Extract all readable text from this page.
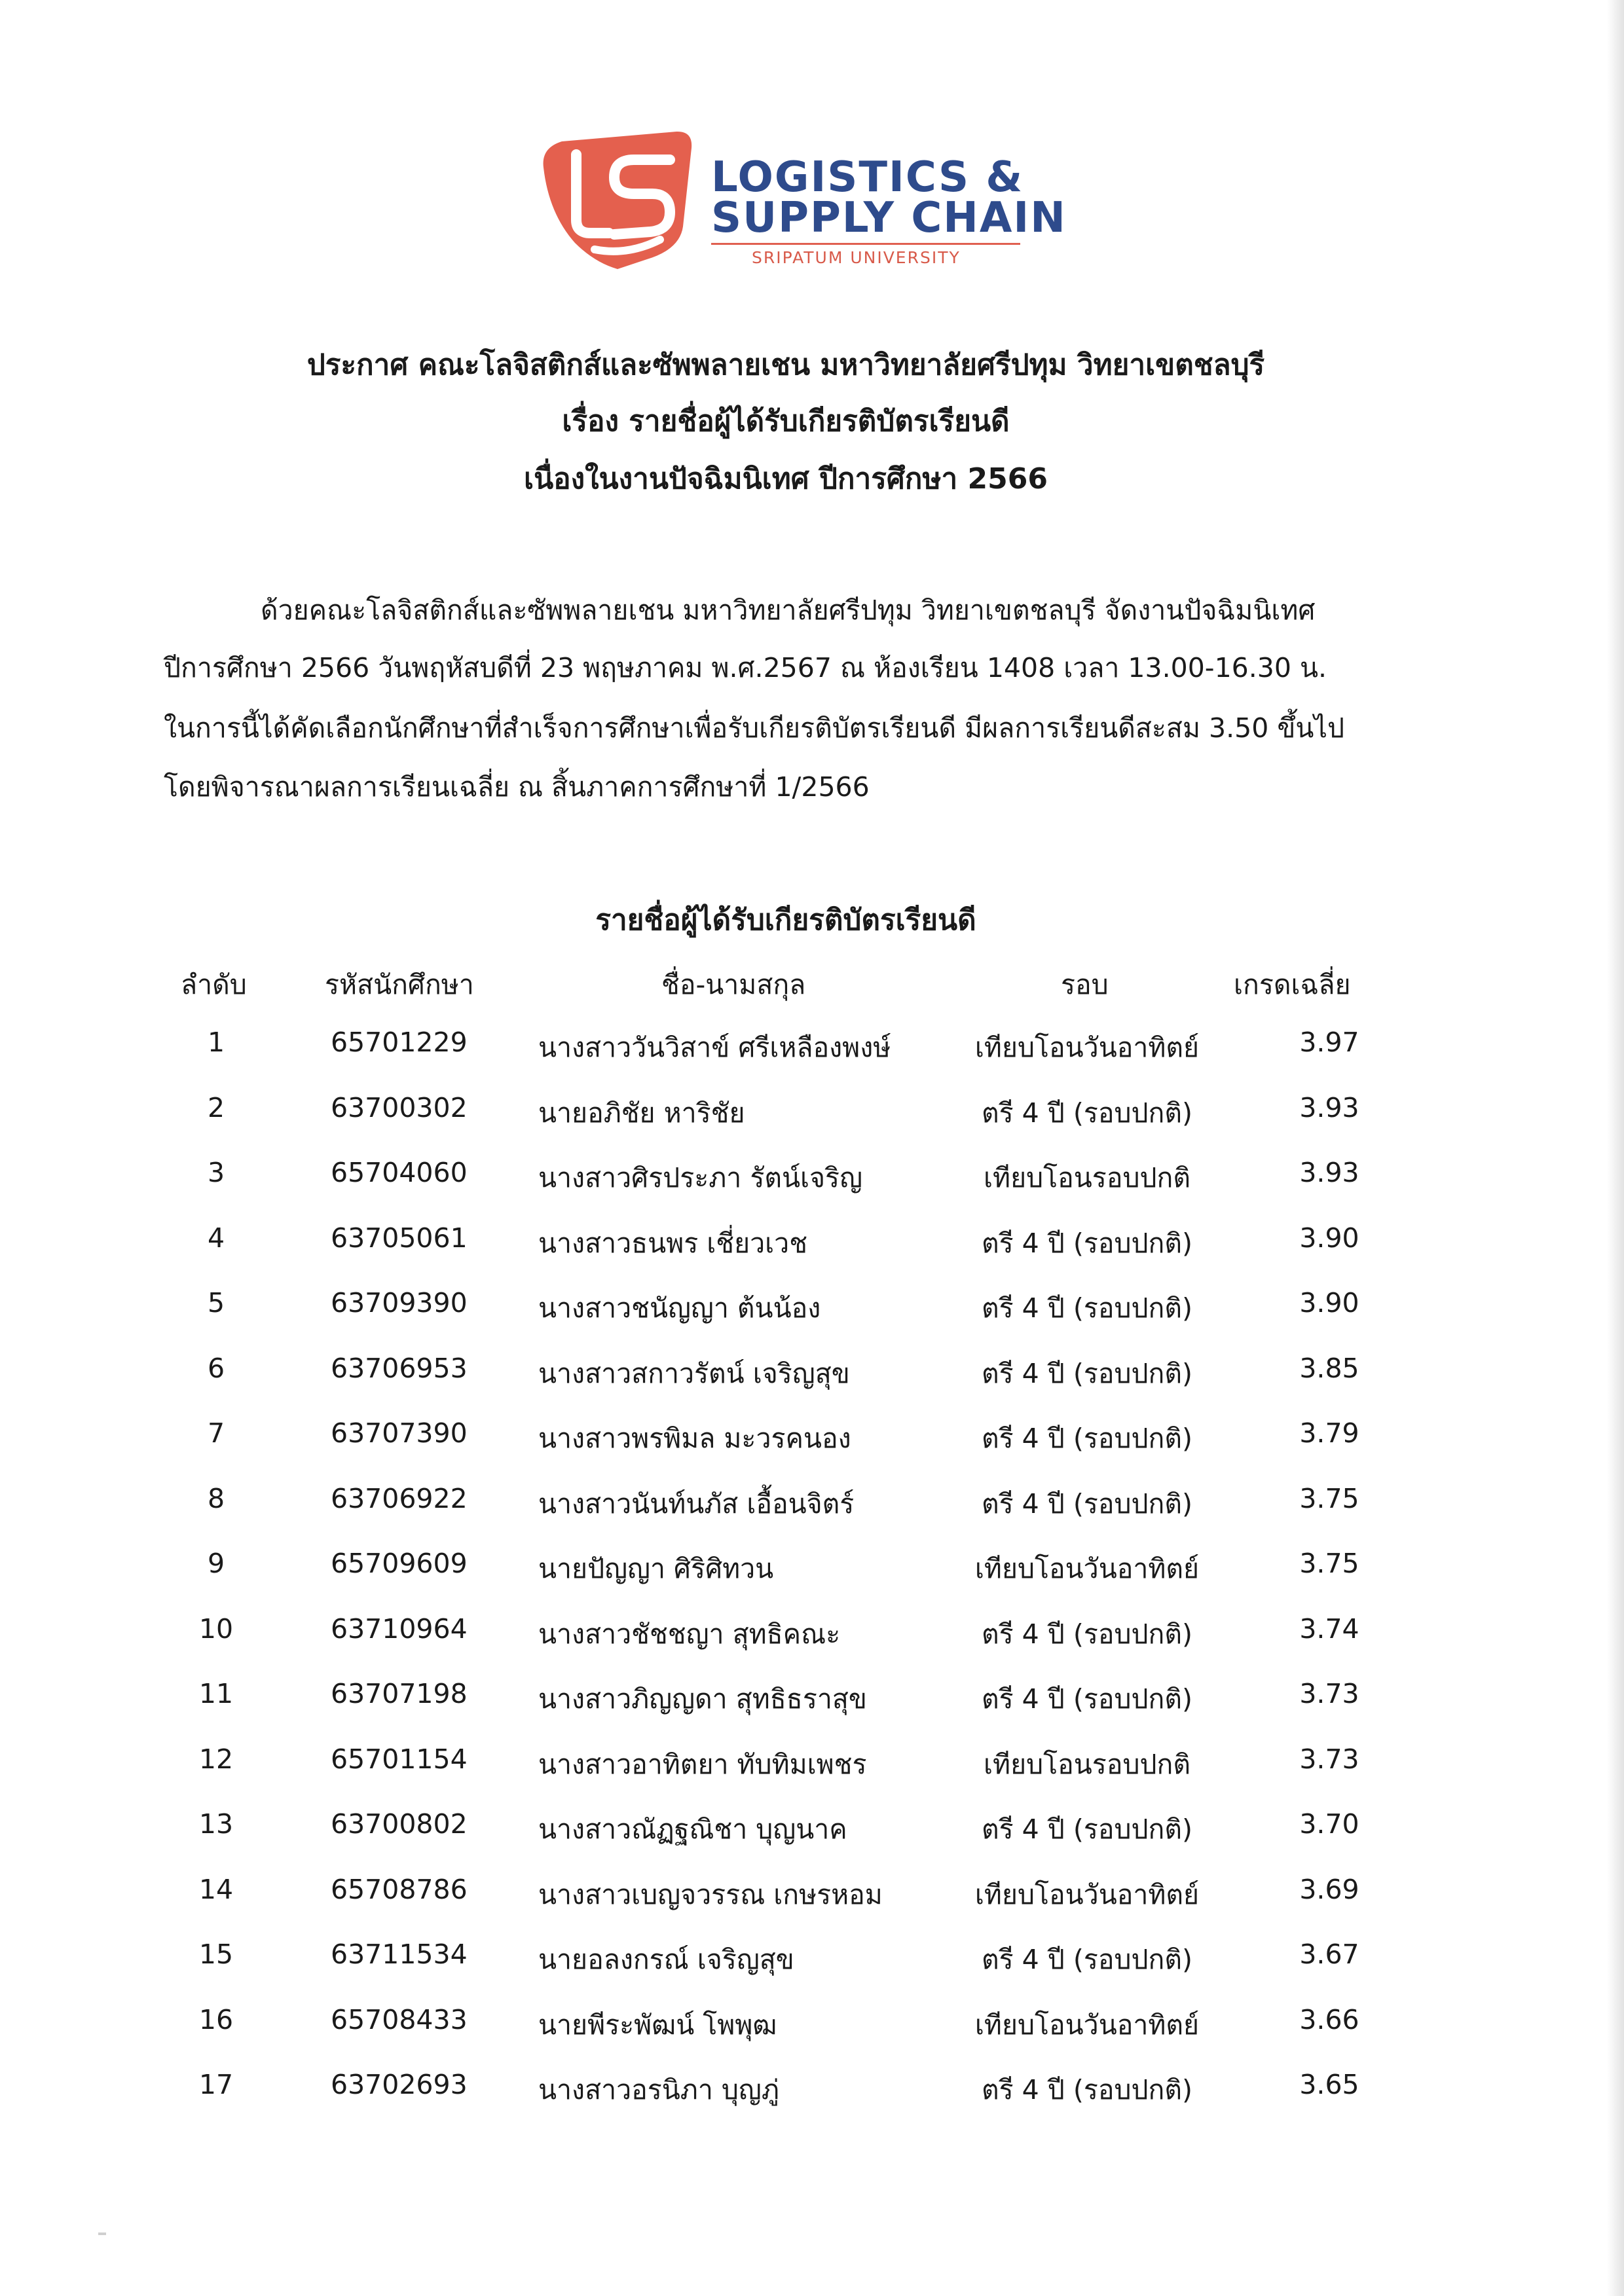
LOGISTICS &
SUPPLY CHAIN
SRIPATUM UNIVERSITY
ประกาศ คณะโลจิสติกส์และซัพพลายเชน มหาวิทยาลัยศรีปทุม วิทยาเขตชลบุรี
เรื่อง รายชื่อผู้ได้รับเกียรติบัตรเรียนดี
เนื่องในงานปัจฉิมนิเทศ ปีการศึกษา 2566
ด้วยคณะโลจิสติกส์และซัพพลายเชน มหาวิทยาลัยศรีปทุม วิทยาเขตชลบุรี จัดงานปัจฉิมนิเทศ
ปีการศึกษา 2566 วันพฤหัสบดีที่ 23 พฤษภาคม พ.ศ.2567 ณ ห้องเรียน 1408 เวลา 13.00-16.30 น.
ในการนี้ได้คัดเลือกนักศึกษาที่สำเร็จการศึกษาเพื่อรับเกียรติบัตรเรียนดี มีผลการเรียนดีสะสม 3.50 ขึ้นไป
โดยพิจารณาผลการเรียนเฉลี่ย ณ สิ้นภาคการศึกษาที่ 1/2566
รายชื่อผู้ได้รับเกียรติบัตรเรียนดี
ลำดับ	รหัสนักศึกษา	ชื่อ-นามสกุล	รอบ	เกรดเฉลี่ย
1	65701229	นางสาววันวิสาข์ ศรีเหลืองพงษ์	เทียบโอนวันอาทิตย์	3.97
2	63700302	นายอภิชัย หาริชัย	ตรี 4 ปี (รอบปกติ)	3.93
3	65704060	นางสาวศิรประภา รัตน์เจริญ	เทียบโอนรอบปกติ	3.93
4	63705061	นางสาวธนพร เชี่ยวเวช	ตรี 4 ปี (รอบปกติ)	3.90
5	63709390	นางสาวชนัญญา ต้นน้อง	ตรี 4 ปี (รอบปกติ)	3.90
6	63706953	นางสาวสกาวรัตน์ เจริญสุข	ตรี 4 ปี (รอบปกติ)	3.85
7	63707390	นางสาวพรพิมล มะวรคนอง	ตรี 4 ปี (รอบปกติ)	3.79
8	63706922	นางสาวนันท์นภัส เอื้อนจิตร์	ตรี 4 ปี (รอบปกติ)	3.75
9	65709609	นายปัญญา ศิริศิทวน	เทียบโอนวันอาทิตย์	3.75
10	63710964	นางสาวชัชชญา สุทธิคณะ	ตรี 4 ปี (รอบปกติ)	3.74
11	63707198	นางสาวภิญญดา สุทธิธราสุข	ตรี 4 ปี (รอบปกติ)	3.73
12	65701154	นางสาวอาทิตยา ทับทิมเพชร	เทียบโอนรอบปกติ	3.73
13	63700802	นางสาวณัฏฐณิชา บุญนาค	ตรี 4 ปี (รอบปกติ)	3.70
14	65708786	นางสาวเบญจวรรณ เกษรหอม	เทียบโอนวันอาทิตย์	3.69
15	63711534	นายอลงกรณ์ เจริญสุข	ตรี 4 ปี (รอบปกติ)	3.67
16	65708433	นายพีระพัฒน์ โพพุฒ	เทียบโอนวันอาทิตย์	3.66
17	63702693	นางสาวอรนิภา บุญภู่	ตรี 4 ปี (รอบปกติ)	3.65
